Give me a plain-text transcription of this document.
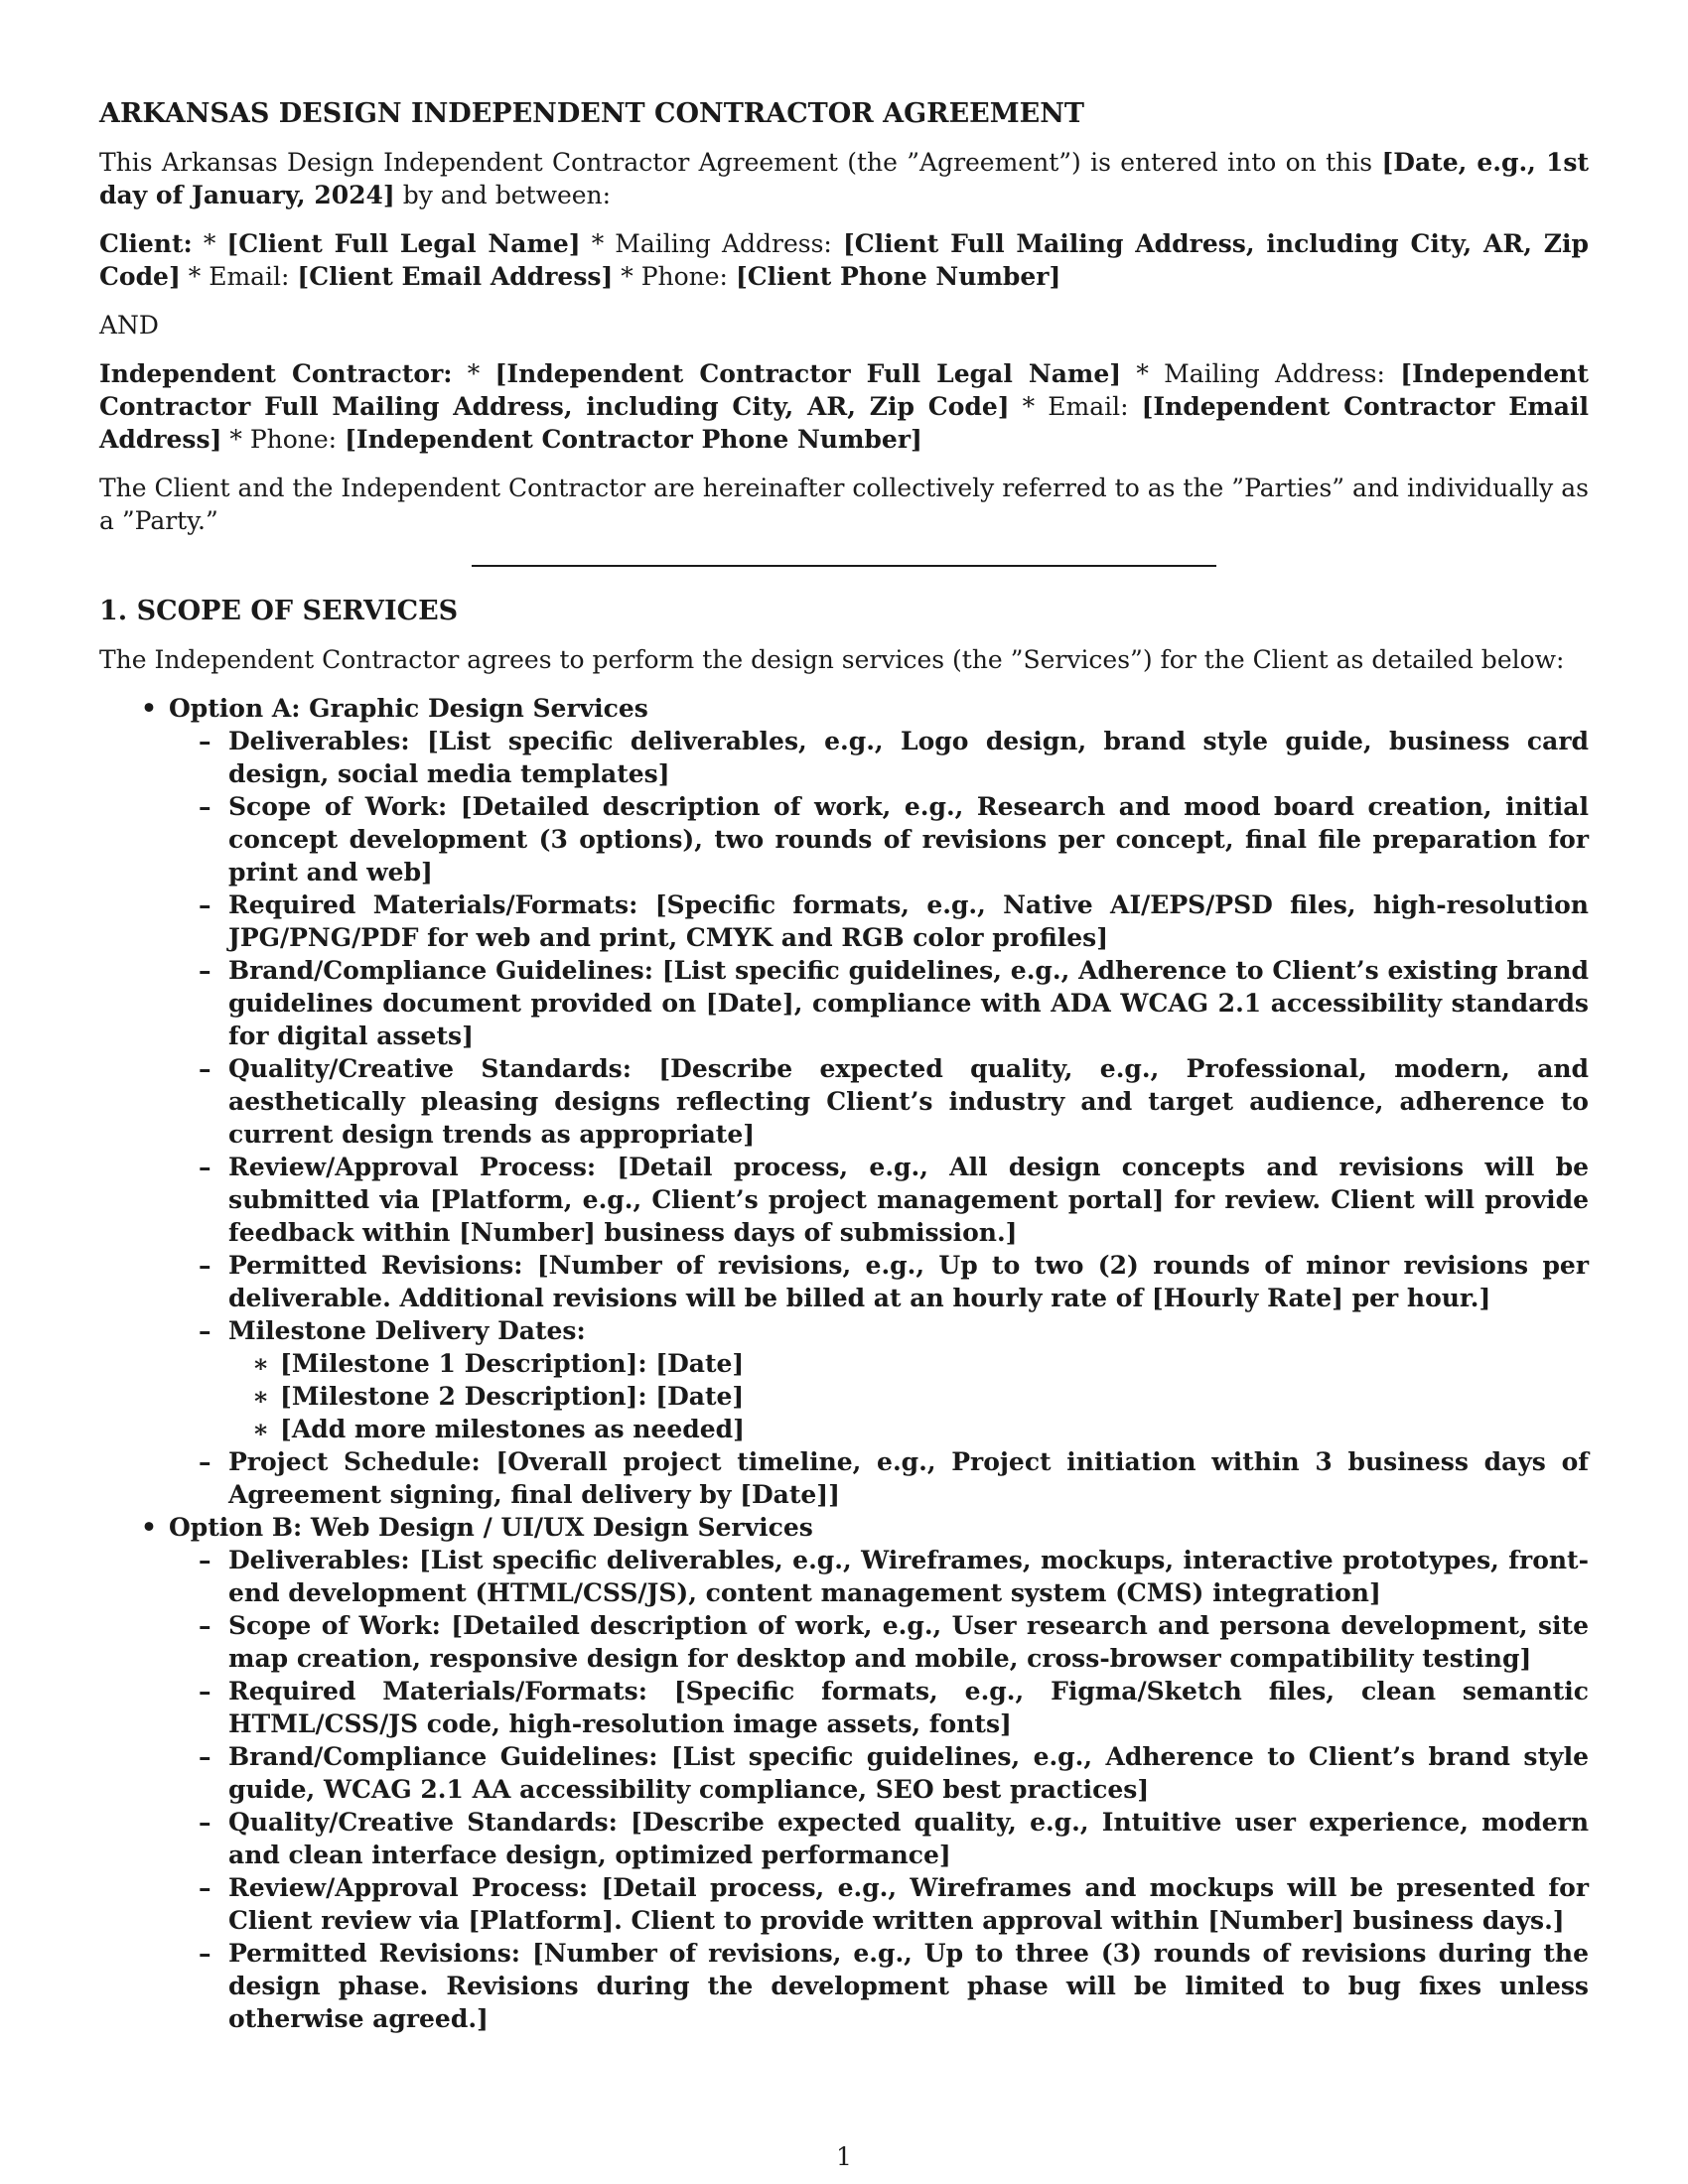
ARKANSAS DESIGN INDEPENDENT CONTRACTOR AGREEMENT

This Arkansas Design Independent Contractor Agreement (the ”Agreement”) is entered into on this [Date, e.g., 1st day of January, 2024] by and between:

Client: * [Client Full Legal Name] * Mailing Address: [Client Full Mailing Address, including City, AR, Zip Code] * Email: [Client Email Address] * Phone: [Client Phone Number]

AND

Independent Contractor: * [Independent Contractor Full Legal Name] * Mailing Address: [Independent Contractor Full Mailing Address, including City, AR, Zip Code] * Email: [Independent Contractor Email Address] * Phone: [Independent Contractor Phone Number]

The Client and the Independent Contractor are hereinafter collectively referred to as the ”Parties” and individually as a ”Party.”

1. SCOPE OF SERVICES

The Independent Contractor agrees to perform the design services (the ”Services”) for the Client as detailed below:

• Option A: Graphic Design Services
– Deliverables: [List specific deliverables, e.g., Logo design, brand style guide, business card design, social media templates]
– Scope of Work: [Detailed description of work, e.g., Research and mood board creation, initial concept development (3 options), two rounds of revisions per concept, final file preparation for print and web]
– Required Materials/Formats: [Specific formats, e.g., Native AI/EPS/PSD files, high-resolution JPG/PNG/PDF for web and print, CMYK and RGB color profiles]
– Brand/Compliance Guidelines: [List specific guidelines, e.g., Adherence to Client’s existing brand guidelines document provided on [Date], compliance with ADA WCAG 2.1 accessibility standards for digital assets]
– Quality/Creative Standards: [Describe expected quality, e.g., Professional, modern, and aesthetically pleasing designs reflecting Client’s industry and target audience, adherence to current design trends as appropriate]
– Review/Approval Process: [Detail process, e.g., All design concepts and revisions will be submitted via [Platform, e.g., Client’s project management portal] for review. Client will provide feedback within [Number] business days of submission.]
– Permitted Revisions: [Number of revisions, e.g., Up to two (2) rounds of minor revisions per deliverable. Additional revisions will be billed at an hourly rate of [Hourly Rate] per hour.]
– Milestone Delivery Dates:
∗ [Milestone 1 Description]: [Date]
∗ [Milestone 2 Description]: [Date]
∗ [Add more milestones as needed]
– Project Schedule: [Overall project timeline, e.g., Project initiation within 3 business days of Agreement signing, final delivery by [Date]]
• Option B: Web Design / UI/UX Design Services
– Deliverables: [List specific deliverables, e.g., Wireframes, mockups, interactive prototypes, front-end development (HTML/CSS/JS), content management system (CMS) integration]
– Scope of Work: [Detailed description of work, e.g., User research and persona development, site map creation, responsive design for desktop and mobile, cross-browser compatibility testing]
– Required Materials/Formats: [Specific formats, e.g., Figma/Sketch files, clean semantic HTML/CSS/JS code, high-resolution image assets, fonts]
– Brand/Compliance Guidelines: [List specific guidelines, e.g., Adherence to Client’s brand style guide, WCAG 2.1 AA accessibility compliance, SEO best practices]
– Quality/Creative Standards: [Describe expected quality, e.g., Intuitive user experience, modern and clean interface design, optimized performance]
– Review/Approval Process: [Detail process, e.g., Wireframes and mockups will be presented for Client review via [Platform]. Client to provide written approval within [Number] business days.]
– Permitted Revisions: [Number of revisions, e.g., Up to three (3) rounds of revisions during the design phase. Revisions during the development phase will be limited to bug fixes unless otherwise agreed.]
1
